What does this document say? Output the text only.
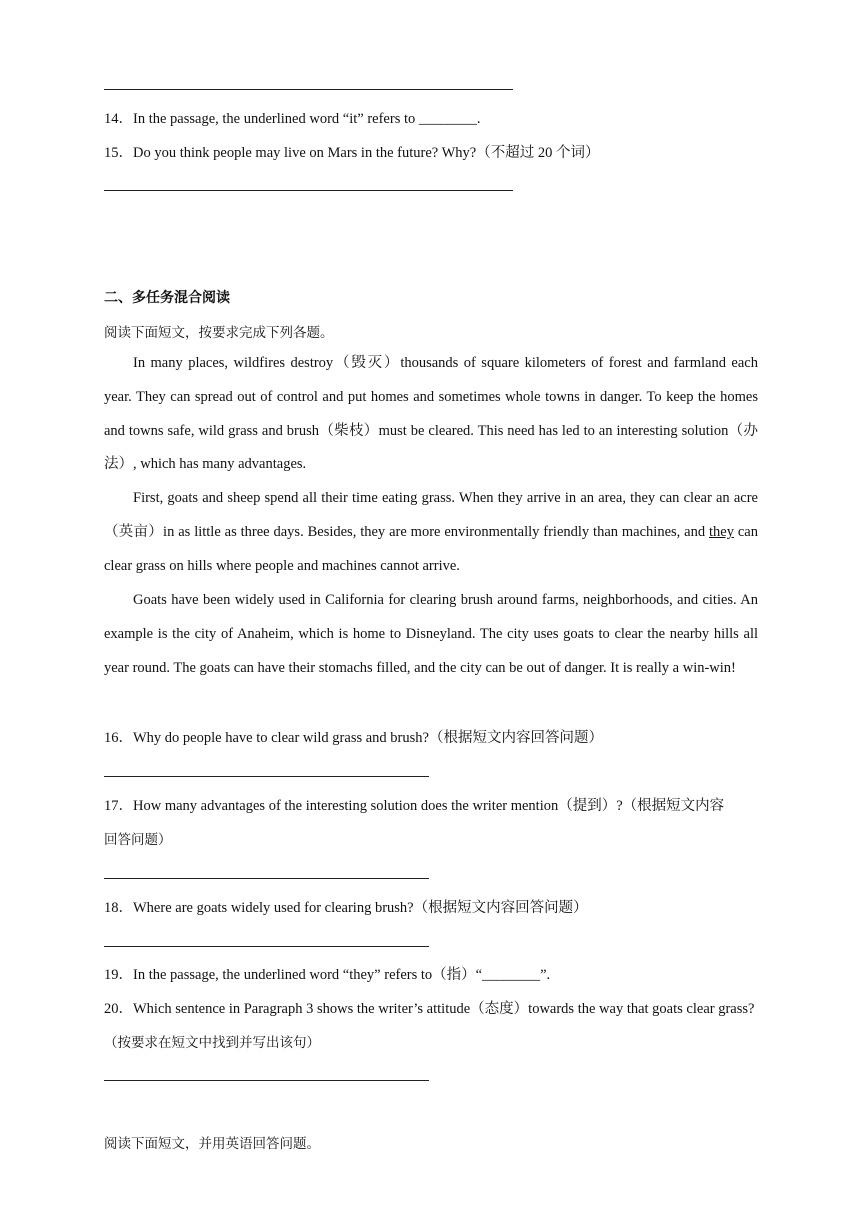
14．In the passage, the underlined word “it” refers to ________.
15．Do you think people may live on Mars in the future? Why?（不超过 20 个词）
二、多任务混合阅读
阅读下面短文，按要求完成下列各题。
In many places, wildfires destroy（毁灭）thousands of square kilometers of forest and farmland each year. They can spread out of control and put homes and sometimes whole towns in danger. To keep the homes and towns safe, wild grass and brush（柴枝）must be cleared. This need has led to an interesting solution（办法）, which has many advantages.
First, goats and sheep spend all their time eating grass. When they arrive in an area, they can clear an acre（英亩）in as little as three days. Besides, they are more environmentally friendly than machines, and they can clear grass on hills where people and machines cannot arrive.
Goats have been widely used in California for clearing brush around farms, neighborhoods, and cities. An example is the city of Anaheim, which is home to Disneyland. The city uses goats to clear the nearby hills all year round. The goats can have their stomachs filled, and the city can be out of danger. It is really a win-win!
16．Why do people have to clear wild grass and brush?（根据短文内容回答问题）
17．How many advantages of the interesting solution does the writer mention（提到）?（根据短文内容
回答问题）
18．Where are goats widely used for clearing brush?（根据短文内容回答问题）
19．In the passage, the underlined word “they” refers to（指）“________”.
20．Which sentence in Paragraph 3 shows the writer’s attitude（态度）towards the way that goats clear grass?
（按要求在短文中找到并写出该句）
阅读下面短文，并用英语回答问题。
